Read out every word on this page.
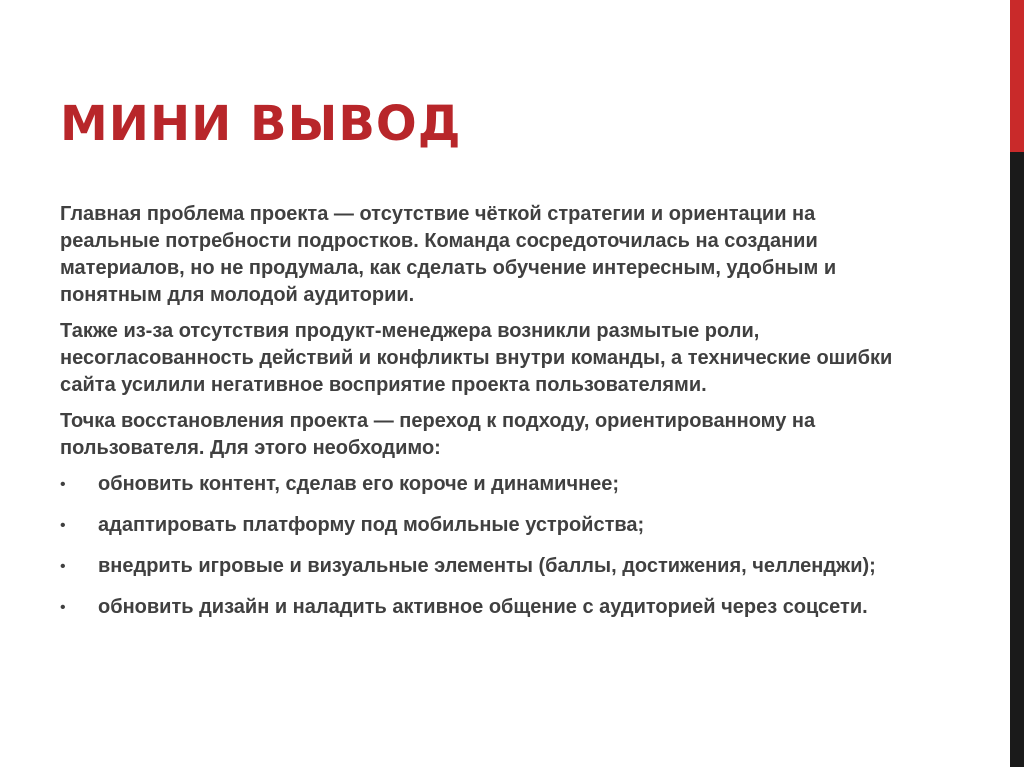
МИНИ ВЫВОД

Главная проблема проекта — отсутствие чёткой стратегии и ориентации на реальные потребности подростков. Команда сосредоточилась на создании материалов, но не продумала, как сделать обучение интересным, удобным и понятным для молодой аудитории.

Также из-за отсутствия продукт-менеджера возникли размытые роли, несогласованность действий и конфликты внутри команды, а технические ошибки сайта усилили негативное восприятие проекта пользователями.

Точка восстановления проекта — переход к подходу, ориентированному на пользователя. Для этого необходимо:

• обновить контент, сделав его короче и динамичнее;
• адаптировать платформу под мобильные устройства;
• внедрить игровые и визуальные элементы (баллы, достижения, челленджи);
• обновить дизайн и наладить активное общение с аудиторией через соцсети.
